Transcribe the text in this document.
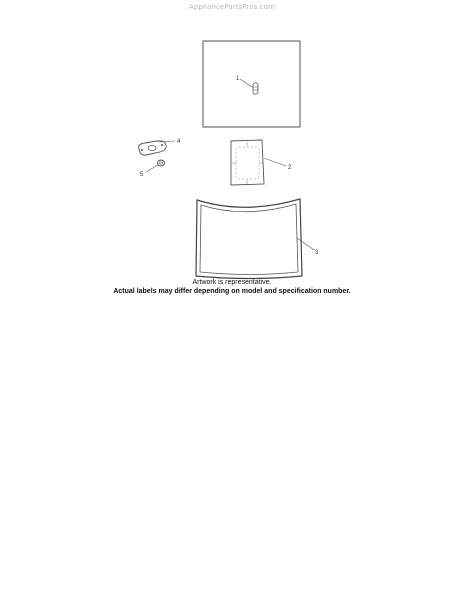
AppliancePartsPros.com
1
4
5
2
3
Artwork is representative.
Actual labels may differ depending on model and specification number.
